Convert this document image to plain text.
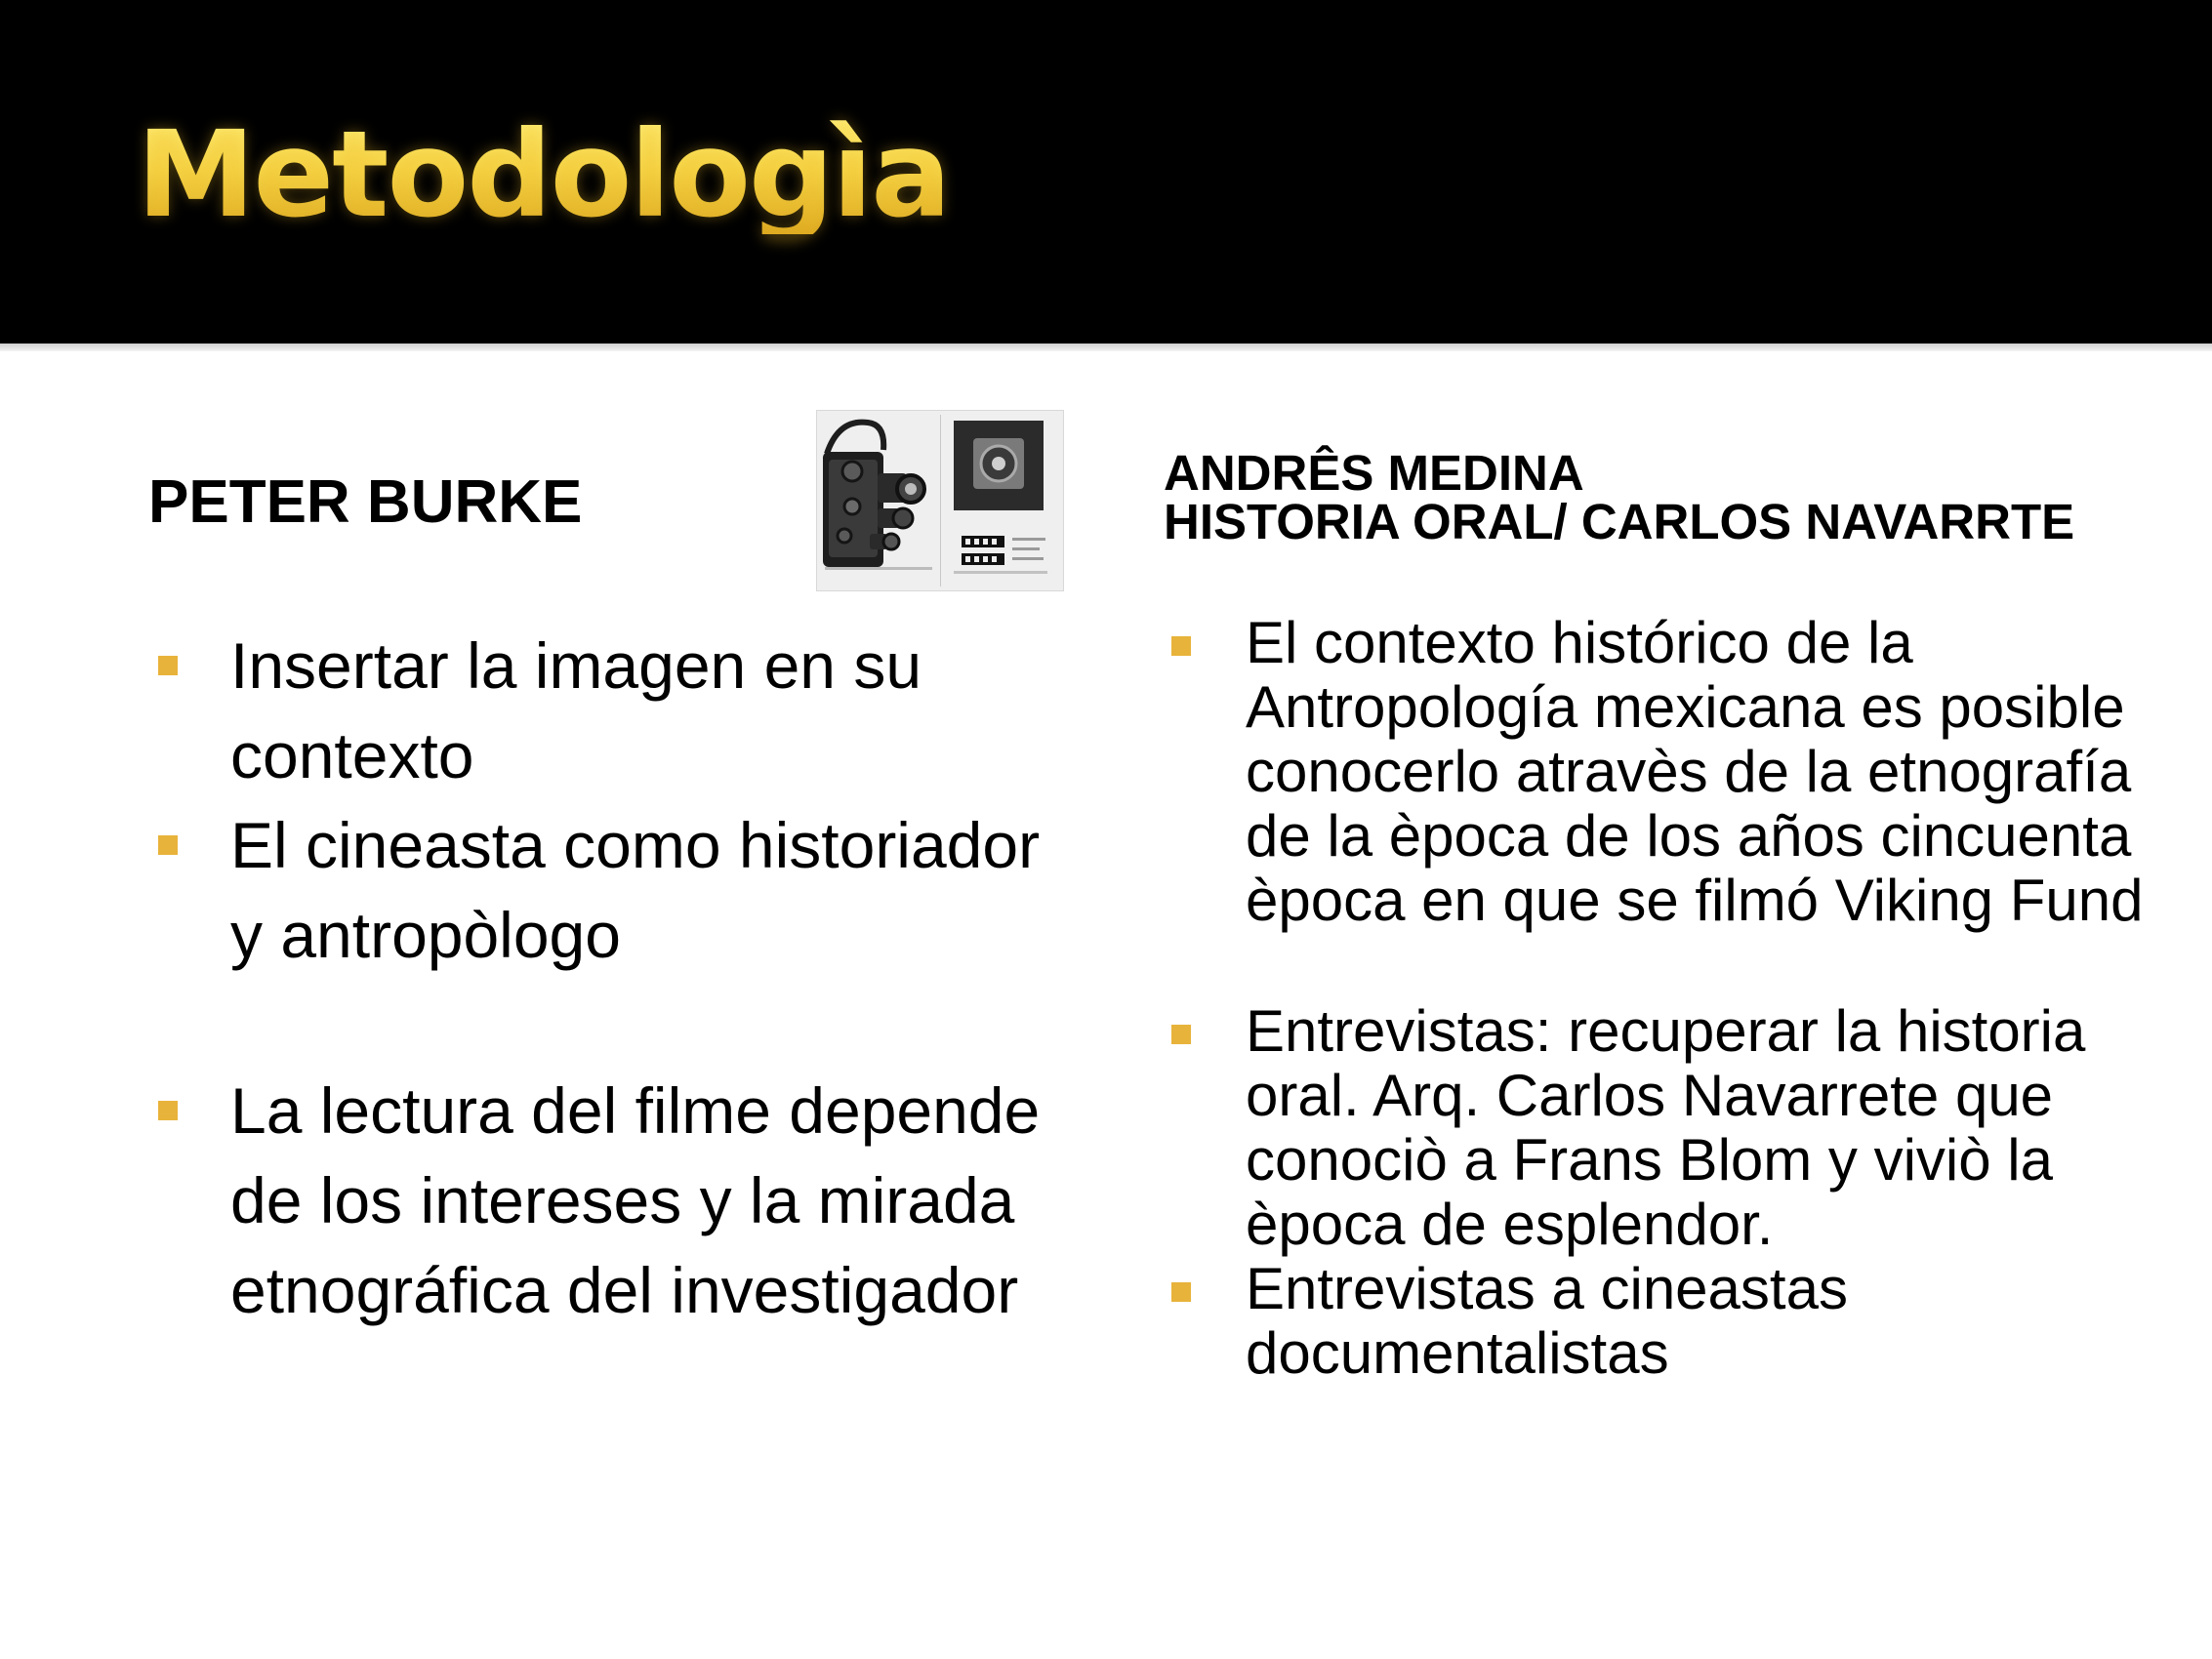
Metodologìa
PETER BURKE
Insertar la imagen en su contexto
El cineasta como historiador y antropòlogo
La lectura del filme depende de los intereses y la mirada etnográfica del investigador
ANDRÊS MEDINA
HISTORIA ORAL/ CARLOS NAVARRTE
El contexto histórico de la Antropología mexicana es posible conocerlo atravès de la etnografía de la època de los años cincuenta època en que se filmó Viking Fund
Entrevistas: recuperar la historia oral. Arq. Carlos Navarrete que conociò a Frans Blom y viviò la època de esplendor.
Entrevistas a cineastas documentalistas
